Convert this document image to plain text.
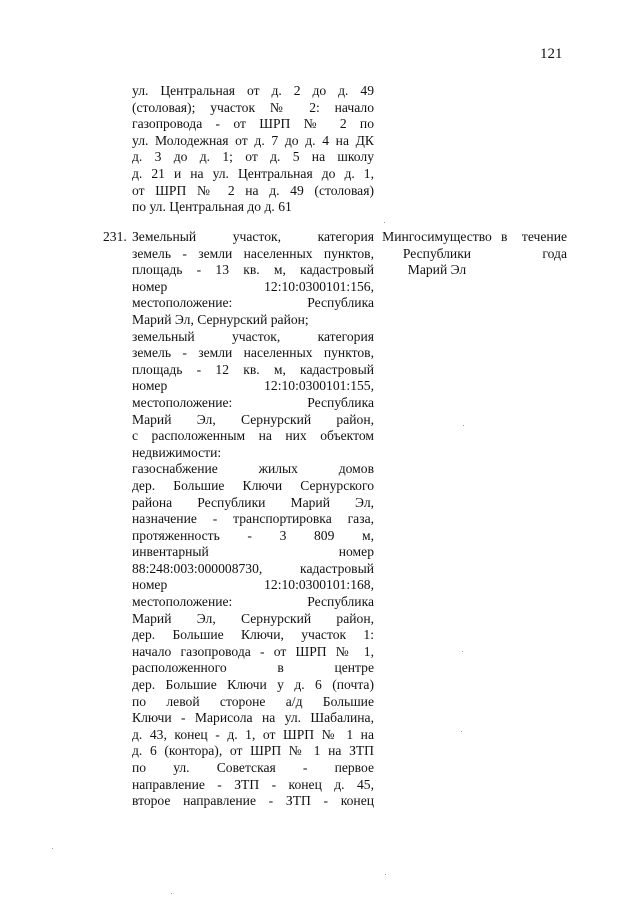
121
ул. Центральная от д. 2 до д. 49
(столовая); участок № 2: начало
газопровода - от ШРП № 2 по
ул. Молодежная от д. 7 до д. 4 на ДК
д. 3 до д. 1; от д. 5 на школу
д. 21 и на ул. Центральная до д. 1,
от ШРП № 2 на д. 49 (столовая)
по ул. Центральная до д. 61
231. Земельный участок, категория
земель - земли населенных пунктов,
площадь - 13 кв. м, кадастровый
номер 12:10:0300101:156,
местоположение: Республика
Марий Эл, Сернурский район;
земельный участок, категория
земель - земли населенных пунктов,
площадь - 12 кв. м, кадастровый
номер 12:10:0300101:155,
местоположение: Республика
Марий Эл, Сернурский район,
с расположенным на них объектом
недвижимости:
газоснабжение жилых домов
дер. Большие Ключи Сернурского
района Республики Марий Эл,
назначение - транспортировка газа,
протяженность - 3 809 м,
инвентарный номер
88:248:003:000008730, кадастровый
номер 12:10:0300101:168,
местоположение: Республика
Марий Эл, Сернурский район,
дер. Большие Ключи, участок 1:
начало газопровода - от ШРП № 1,
расположенного в центре
дер. Большие Ключи у д. 6 (почта)
по левой стороне а/д Большие
Ключи - Марисола на ул. Шабалина,
д. 43, конец - д. 1, от ШРП № 1 на
д. 6 (контора), от ШРП № 1 на ЗТП
по ул. Советская - первое
направление - ЗТП - конец д. 45,
второе направление - ЗТП - конец
Мингосимущество
Республики
Марий Эл
в течение
года
